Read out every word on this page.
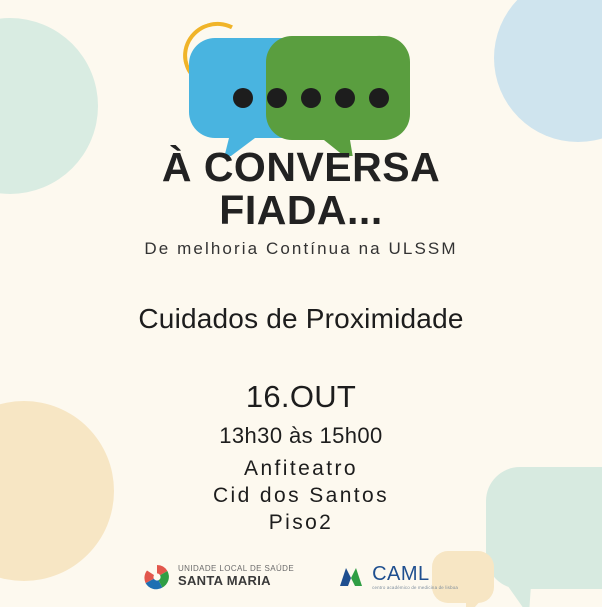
À CONVERSA
FIADA...
De melhoria Contínua na ULSSM
Cuidados de Proximidade
16.OUT
13h30 às 15h00
Anfiteatro
Cid dos Santos
Piso2
UNIDADE LOCAL DE SAÚDE
SANTA MARIA	CAML
centro académico de medicina de lisboa
